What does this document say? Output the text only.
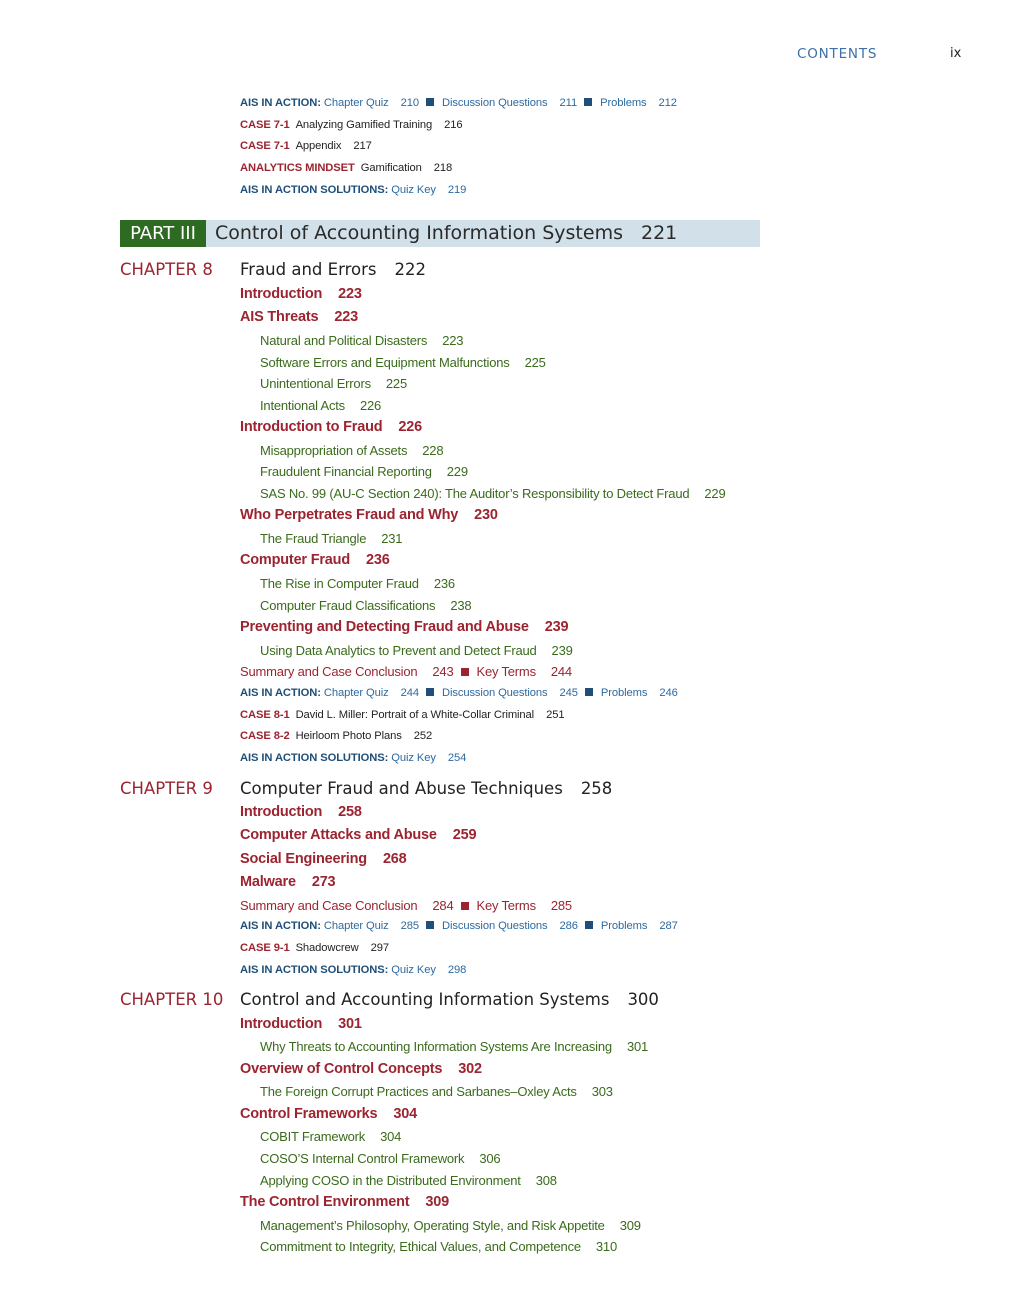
CONTENTS	ix
AIS IN ACTION: Chapter Quiz 210 Discussion Questions 211 Problems 212
CASE 7-1 Analyzing Gamified Training 216
CASE 7-1 Appendix 217
ANALYTICS MINDSET Gamification 218
AIS IN ACTION SOLUTIONS: Quiz Key 219
PART III	Control of Accounting Information Systems 221
CHAPTER 8 Fraud and Errors 222
Introduction 223
AIS Threats 223
Natural and Political Disasters 223
Software Errors and Equipment Malfunctions 225
Unintentional Errors 225
Intentional Acts 226
Introduction to Fraud 226
Misappropriation of Assets 228
Fraudulent Financial Reporting 229
SAS No. 99 (AU-C Section 240): The Auditor’s Responsibility to Detect Fraud 229
Who Perpetrates Fraud and Why 230
The Fraud Triangle 231
Computer Fraud 236
The Rise in Computer Fraud 236
Computer Fraud Classifications 238
Preventing and Detecting Fraud and Abuse 239
Using Data Analytics to Prevent and Detect Fraud 239
Summary and Case Conclusion 243 Key Terms 244
AIS IN ACTION: Chapter Quiz 244 Discussion Questions 245 Problems 246
CASE 8-1 David L. Miller: Portrait of a White-Collar Criminal 251
CASE 8-2 Heirloom Photo Plans 252
AIS IN ACTION SOLUTIONS: Quiz Key 254
CHAPTER 9 Computer Fraud and Abuse Techniques 258
Introduction 258
Computer Attacks and Abuse 259
Social Engineering 268
Malware 273
Summary and Case Conclusion 284 Key Terms 285
AIS IN ACTION: Chapter Quiz 285 Discussion Questions 286 Problems 287
CASE 9-1 Shadowcrew 297
AIS IN ACTION SOLUTIONS: Quiz Key 298
CHAPTER 10 Control and Accounting Information Systems 300
Introduction 301
Why Threats to Accounting Information Systems Are Increasing 301
Overview of Control Concepts 302
The Foreign Corrupt Practices and Sarbanes–Oxley Acts 303
Control Frameworks 304
COBIT Framework 304
COSO’S Internal Control Framework 306
Applying COSO in the Distributed Environment 308
The Control Environment 309
Management’s Philosophy, Operating Style, and Risk Appetite 309
Commitment to Integrity, Ethical Values, and Competence 310
